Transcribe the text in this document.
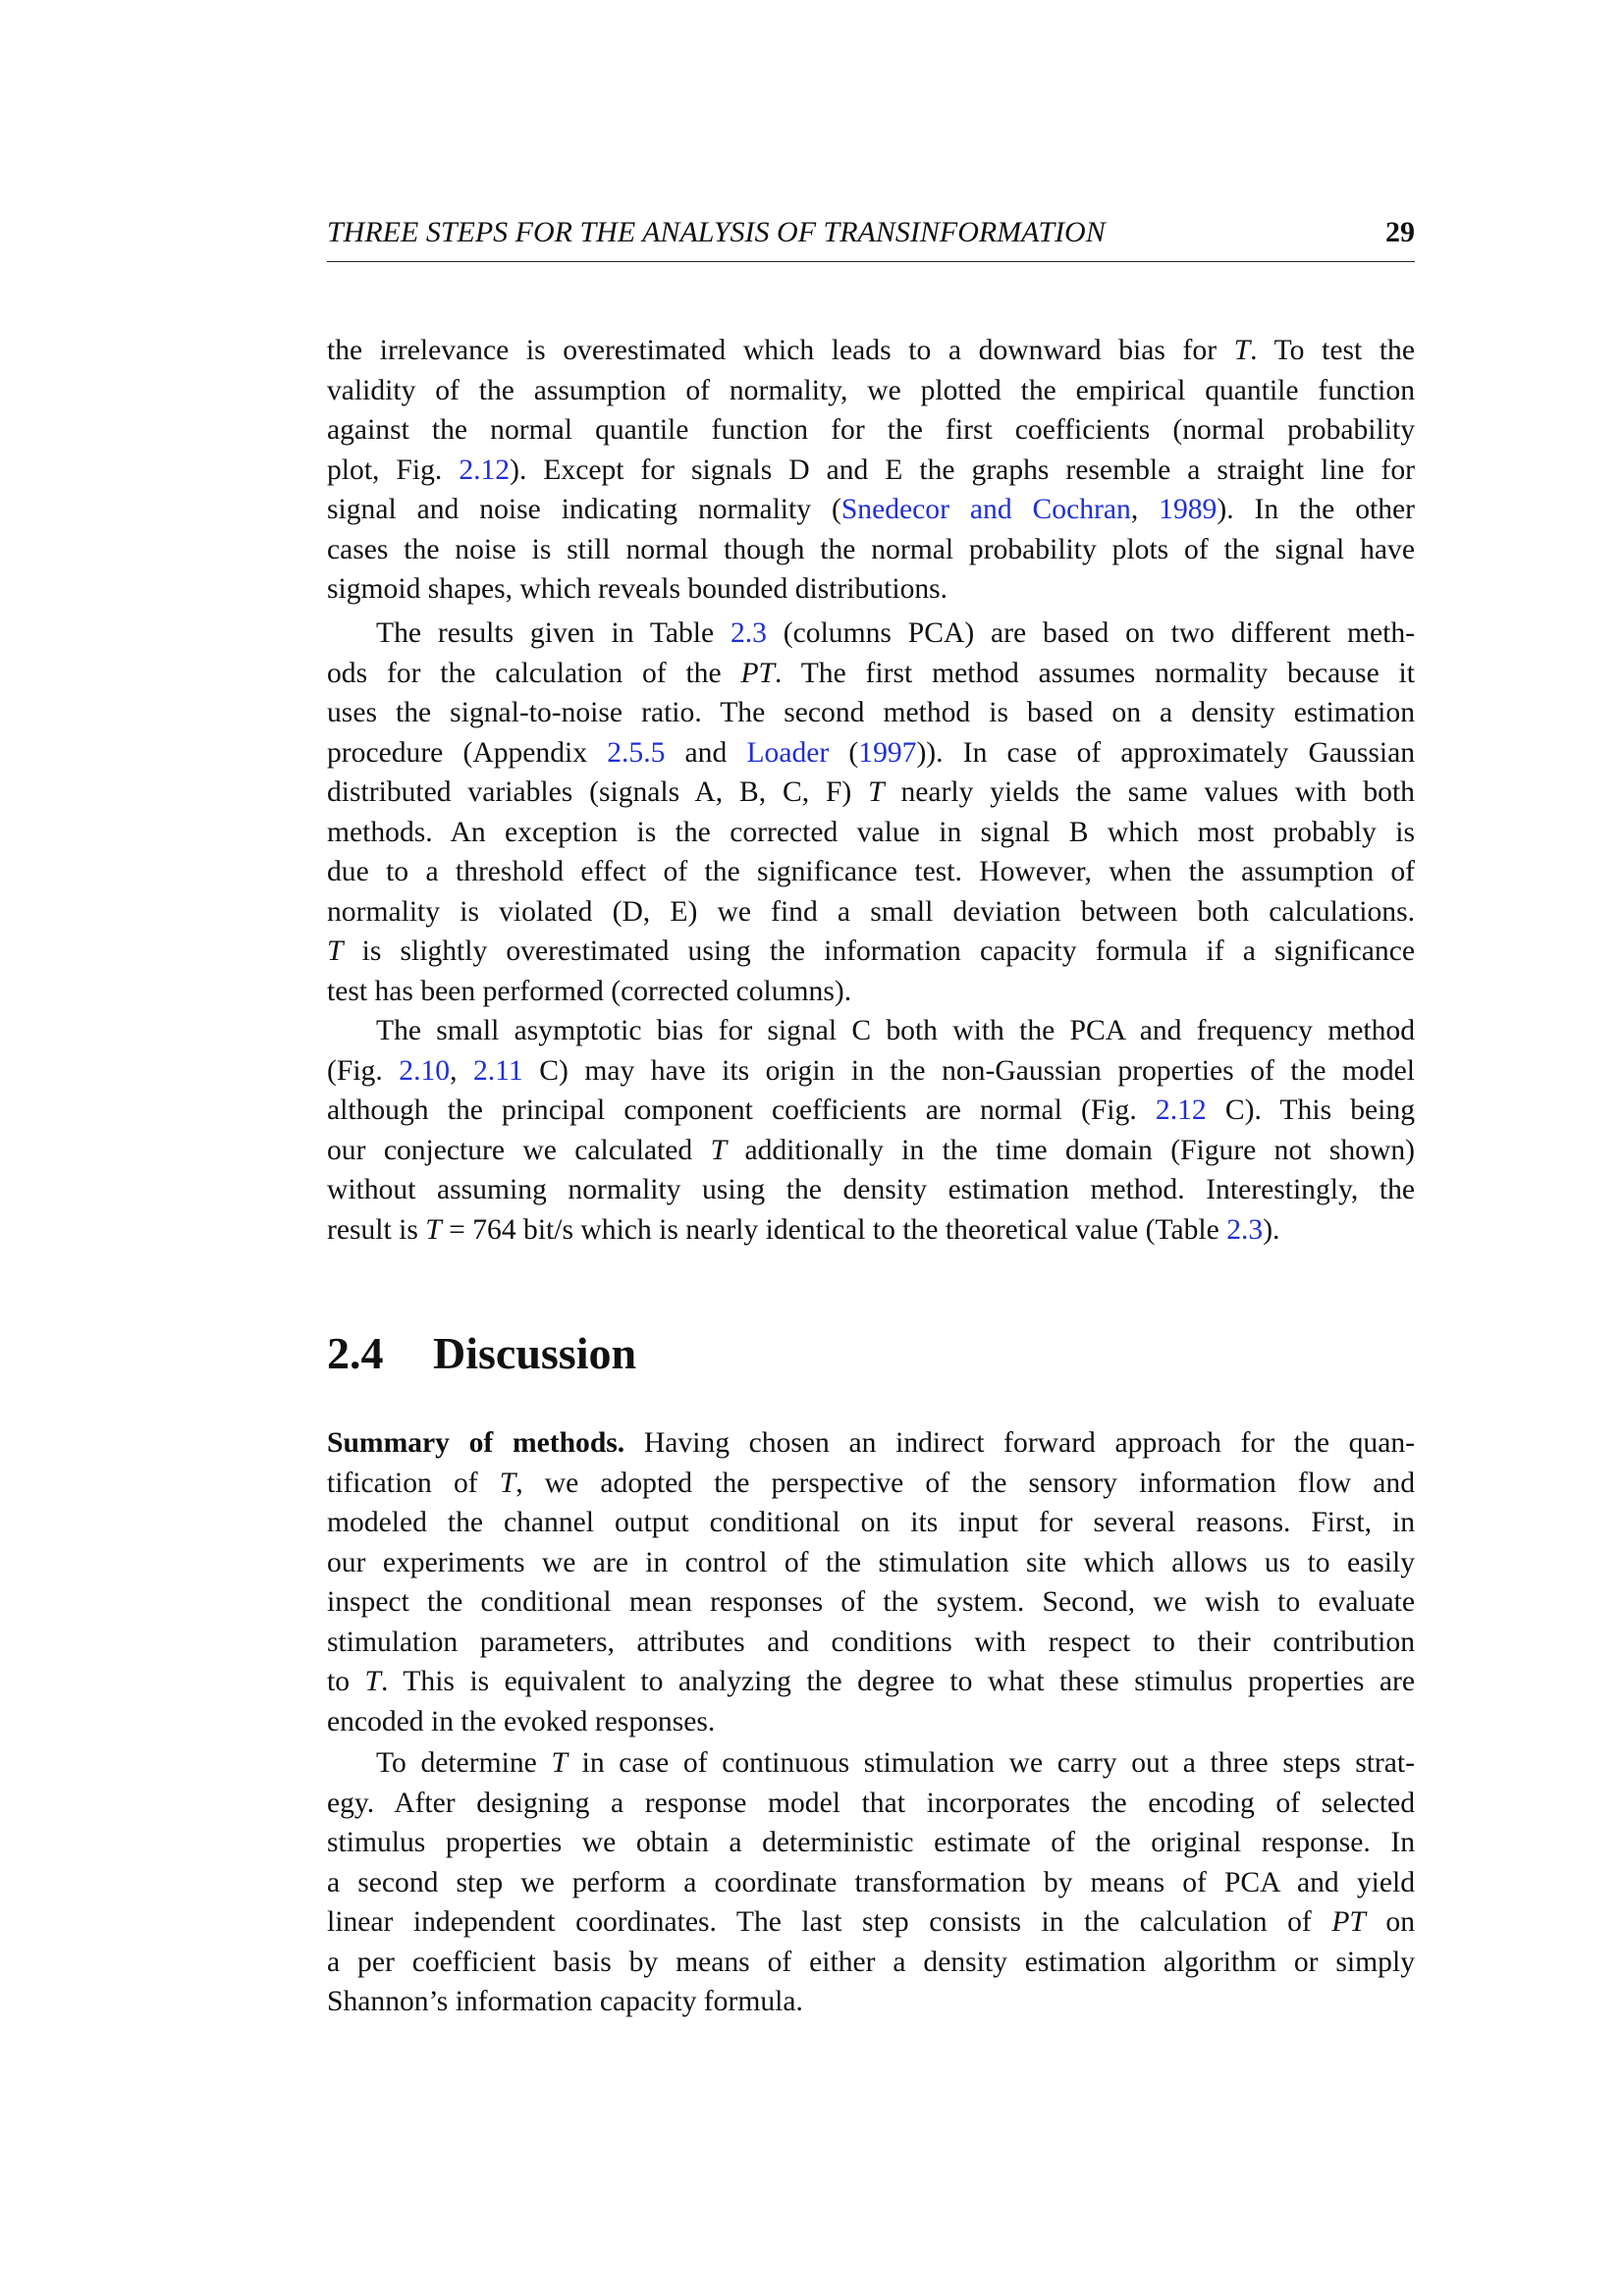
THREE STEPS FOR THE ANALYSIS OF TRANSINFORMATION	29
the irrelevance is overestimated which leads to a downward bias for T. To test the
validity of the assumption of normality, we plotted the empirical quantile function
against the normal quantile function for the first coefficients (normal probability
plot, Fig. 2.12). Except for signals D and E the graphs resemble a straight line for
signal and noise indicating normality (Snedecor and Cochran, 1989). In the other
cases the noise is still normal though the normal probability plots of the signal have
sigmoid shapes, which reveals bounded distributions.
The results given in Table 2.3 (columns PCA) are based on two different meth-
ods for the calculation of the PT. The first method assumes normality because it
uses the signal-to-noise ratio. The second method is based on a density estimation
procedure (Appendix 2.5.5 and Loader (1997)). In case of approximately Gaussian
distributed variables (signals A, B, C, F) T nearly yields the same values with both
methods. An exception is the corrected value in signal B which most probably is
due to a threshold effect of the significance test. However, when the assumption of
normality is violated (D, E) we find a small deviation between both calculations.
T is slightly overestimated using the information capacity formula if a significance
test has been performed (corrected columns).
The small asymptotic bias for signal C both with the PCA and frequency method
(Fig. 2.10, 2.11 C) may have its origin in the non-Gaussian properties of the model
although the principal component coefficients are normal (Fig. 2.12 C). This being
our conjecture we calculated T additionally in the time domain (Figure not shown)
without assuming normality using the density estimation method. Interestingly, the
result is T = 764 bit/s which is nearly identical to the theoretical value (Table 2.3).
2.4 Discussion
Summary of methods. Having chosen an indirect forward approach for the quan-
tification of T, we adopted the perspective of the sensory information flow and
modeled the channel output conditional on its input for several reasons. First, in
our experiments we are in control of the stimulation site which allows us to easily
inspect the conditional mean responses of the system. Second, we wish to evaluate
stimulation parameters, attributes and conditions with respect to their contribution
to T. This is equivalent to analyzing the degree to what these stimulus properties are
encoded in the evoked responses.
To determine T in case of continuous stimulation we carry out a three steps strat-
egy. After designing a response model that incorporates the encoding of selected
stimulus properties we obtain a deterministic estimate of the original response. In
a second step we perform a coordinate transformation by means of PCA and yield
linear independent coordinates. The last step consists in the calculation of PT on
a per coefficient basis by means of either a density estimation algorithm or simply
Shannon’s information capacity formula.
